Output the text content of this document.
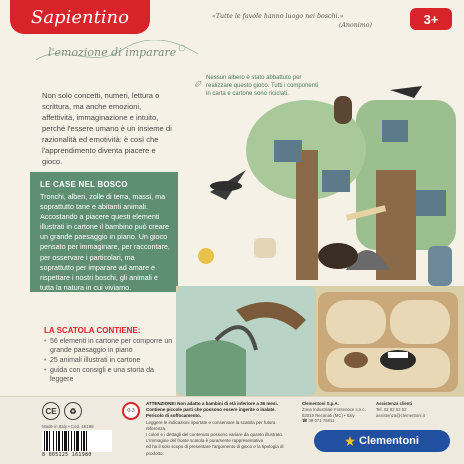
Sapientino
l'emozione di imparare
«Tutte le favole hanno luogo nei boschi.»
(Anonimo)	3+

Non solo concetti, numeri, lettura o scrittura, ma anche emozioni, affettività, immaginazione e intuito, perché l'essere umano è un insieme di razionalità ed emotività: è così che l'apprendimento diventa piacere e gioco.

Nessun albero è stato abbattuto per realizzare questo gioco. Tutti i componenti in carta e cartone sono riciclati.
LE CASE NEL BOSCO

Tronchi, alberi, zolle di terra, massi, ma soprattutto tane e abitanti animali. Accostando a piacere questi elementi illustrati in cartone il bambino può creare un grande paesaggio in piano. Un gioco pensato per immaginare, per raccontare, per osservare i particolari, ma soprattutto per imparare ad amare e rispettare i nostri boschi, gli animali e tutta la natura in cui viviamo.

LA SCATOLA CONTIENE:
• 56 elementi in cartone per comporre un grande paesaggio in piano
• 25 animali illustrati in cartone
• guida con consigli e una storia da leggere
CE	♻
Made in Italy • Cod. 16198
8 005125 161980
0-3

ATTENZIONE! Non adatto a bambini di età inferiore a 36 mesi.

Contiene piccole parti che possono essere ingerite o inalate.

Pericolo di soffocamento.

Leggere le indicazioni riportate e conservare la scatola per futura referenza.

I colori e i dettagli del contenuto possono variare da quanto illustrato.

L'immagine del fronte scatola è puramente rappresentativa

ed ha il solo scopo di presentare l'argomento di gioco e la tipologia di prodotto.

Clementoni S.p.A.

Zona Industriale Fontenoce s.n.c.

62019 Recanati (MC) • Italy

☎ 39 071 75811

Assistenza clienti

Tel. 02 82 52 52

assistenza@clementoni.it

Clementoni
